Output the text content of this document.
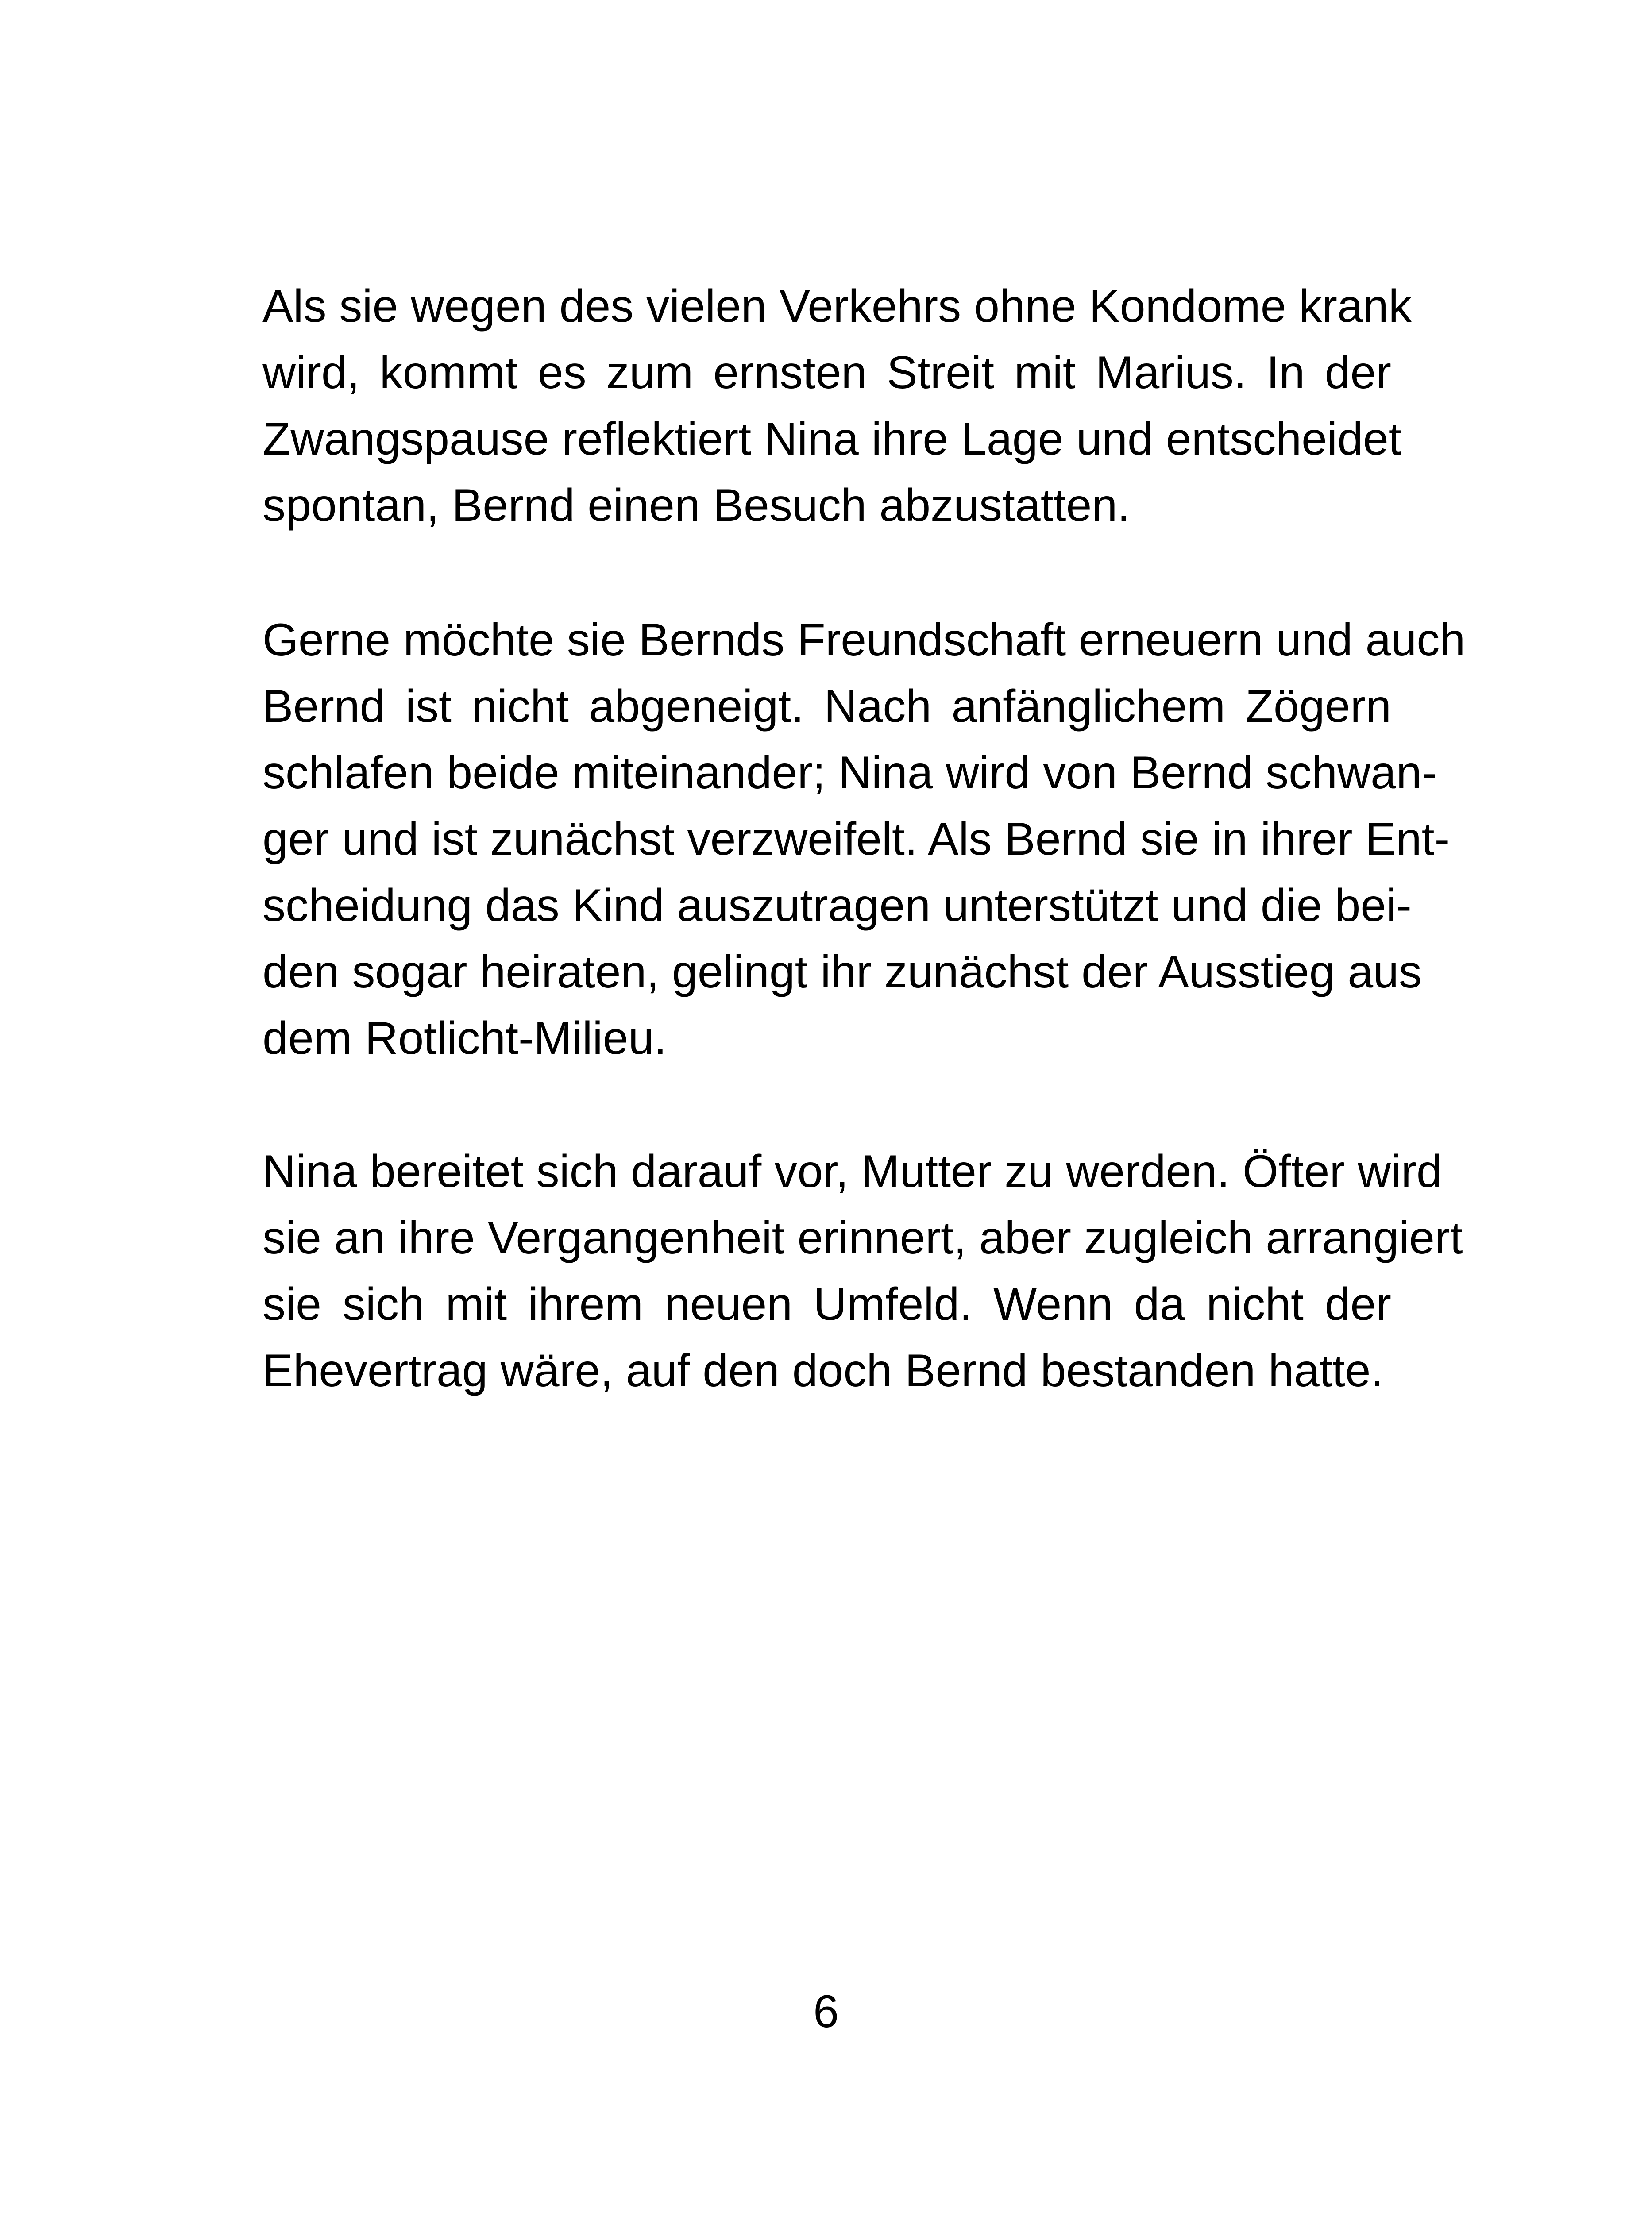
Als sie wegen des vielen Verkehrs ohne Kondome krank
wird, kommt es zum ernsten Streit mit Marius. In der
Zwangspause reflektiert Nina ihre Lage und entscheidet
spontan, Bernd einen Besuch abzustatten.
Gerne möchte sie Bernds Freundschaft erneuern und auch
Bernd ist nicht abgeneigt. Nach anfänglichem Zögern
schlafen beide miteinander; Nina wird von Bernd schwan-
ger und ist zunächst verzweifelt. Als Bernd sie in ihrer Ent-
scheidung das Kind auszutragen unterstützt und die bei-
den sogar heiraten, gelingt ihr zunächst der Ausstieg aus
dem Rotlicht-Milieu.
Nina bereitet sich darauf vor, Mutter zu werden. Öfter wird
sie an ihre Vergangenheit erinnert, aber zugleich arrangiert
sie sich mit ihrem neuen Umfeld. Wenn da nicht der
Ehevertrag wäre, auf den doch Bernd bestanden hatte.
6
